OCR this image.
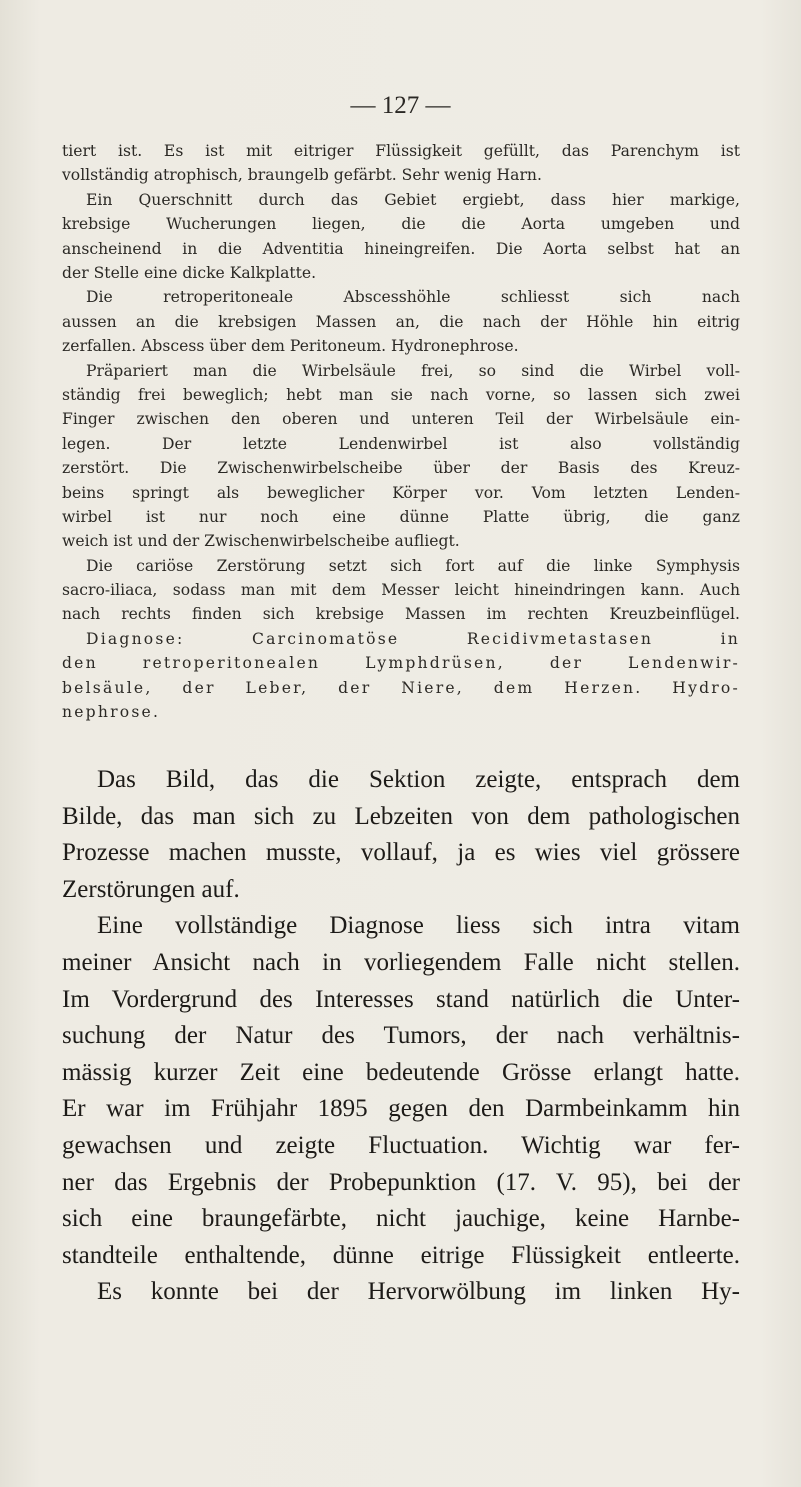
— 127 —
tiert ist. Es ist mit eitriger Flüssigkeit gefüllt, das Parenchym ist
vollständig atrophisch, braungelb gefärbt. Sehr wenig Harn.
Ein Querschnitt durch das Gebiet ergiebt, dass hier markige,
krebsige Wucherungen liegen, die die Aorta umgeben und
anscheinend in die Adventitia hineingreifen. Die Aorta selbst hat an
der Stelle eine dicke Kalkplatte.
Die retroperitoneale Abscesshöhle schliesst sich nach
aussen an die krebsigen Massen an, die nach der Höhle hin eitrig
zerfallen. Abscess über dem Peritoneum. Hydronephrose.
Präpariert man die Wirbelsäule frei, so sind die Wirbel voll-
ständig frei beweglich; hebt man sie nach vorne, so lassen sich zwei
Finger zwischen den oberen und unteren Teil der Wirbelsäule ein-
legen. Der letzte Lendenwirbel ist also vollständig
zerstört. Die Zwischenwirbelscheibe über der Basis des Kreuz-
beins springt als beweglicher Körper vor. Vom letzten Lenden-
wirbel ist nur noch eine dünne Platte übrig, die ganz
weich ist und der Zwischenwirbelscheibe aufliegt.
Die cariöse Zerstörung setzt sich fort auf die linke Symphysis
sacro-iliaca, sodass man mit dem Messer leicht hineindringen kann. Auch
nach rechts finden sich krebsige Massen im rechten Kreuzbeinflügel.
Diagnose: Carcinomatöse Recidivmetastasen in
den retroperitonealen Lymphdrüsen, der Lendenwir-
belsäule, der Leber, der Niere, dem Herzen. Hydro-
nephrose.
Das Bild, das die Sektion zeigte, entsprach dem
Bilde, das man sich zu Lebzeiten von dem pathologischen
Prozesse machen musste, vollauf, ja es wies viel grössere
Zerstörungen auf.
Eine vollständige Diagnose liess sich intra vitam
meiner Ansicht nach in vorliegendem Falle nicht stellen.
Im Vordergrund des Interesses stand natürlich die Unter-
suchung der Natur des Tumors, der nach verhältnis-
mässig kurzer Zeit eine bedeutende Grösse erlangt hatte.
Er war im Frühjahr 1895 gegen den Darmbeinkamm hin
gewachsen und zeigte Fluctuation. Wichtig war fer-
ner das Ergebnis der Probepunktion (17. V. 95), bei der
sich eine braungefärbte, nicht jauchige, keine Harnbe-
standteile enthaltende, dünne eitrige Flüssigkeit entleerte.
Es konnte bei der Hervorwölbung im linken Hy-
